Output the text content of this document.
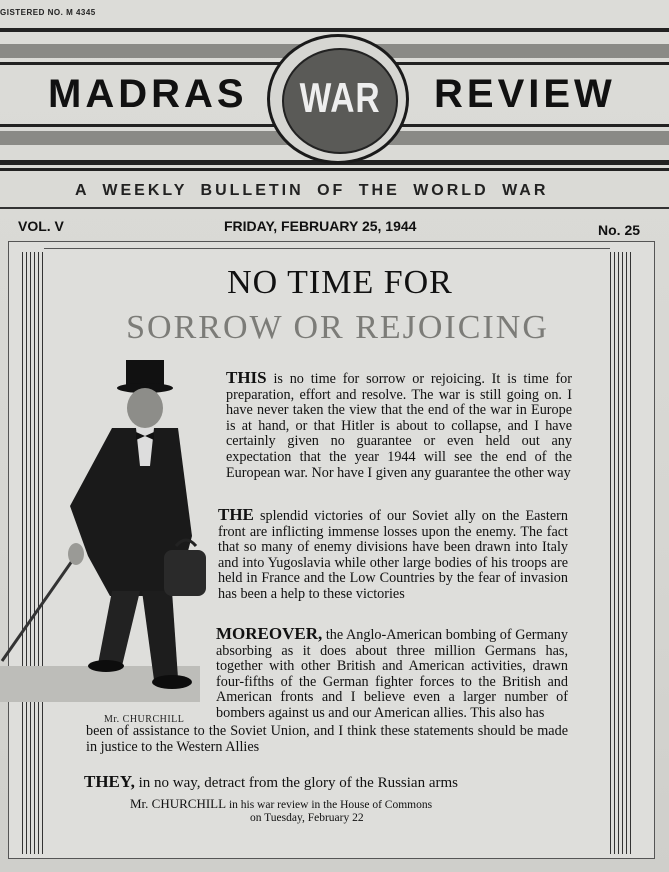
GISTERED NO. M 4345
MADRAS WAR REVIEW
A WEEKLY BULLETIN OF THE WORLD WAR
VOL. V	FRIDAY, FEBRUARY 25, 1944	No. 25
NO TIME FOR
SORROW OR REJOICING
Mr. CHURCHILL
THIS is no time for sorrow or rejoicing. It is time for preparation, effort and resolve. The war is still going on. I have never taken the view that the end of the war in Europe is at hand, or that Hitler is about to collapse, and I have certainly given no guarantee or even held out any expectation that the year 1944 will see the end of the European war. Nor have I given any guarantee the other way
THE splendid victories of our Soviet ally on the Eastern front are inflicting immense losses upon the enemy. The fact that so many of enemy divisions have been drawn into Italy and into Yugoslavia while other large bodies of his troops are held in France and the Low Countries by the fear of invasion has been a help to these victories
MOREOVER, the Anglo-American bombing of Germany absorbing as it does about three million Germans has, together with other British and American activities, drawn four-fifths of the German fighter forces to the British and American fronts and I believe even a larger number of bombers against us and our American allies. This also has
been of assistance to the Soviet Union, and I think these statements should be made in justice to the Western Allies
THEY, in no way, detract from the glory of the Russian arms
Mr. CHURCHILL in his war review in the House of Commons
on Tuesday, February 22
